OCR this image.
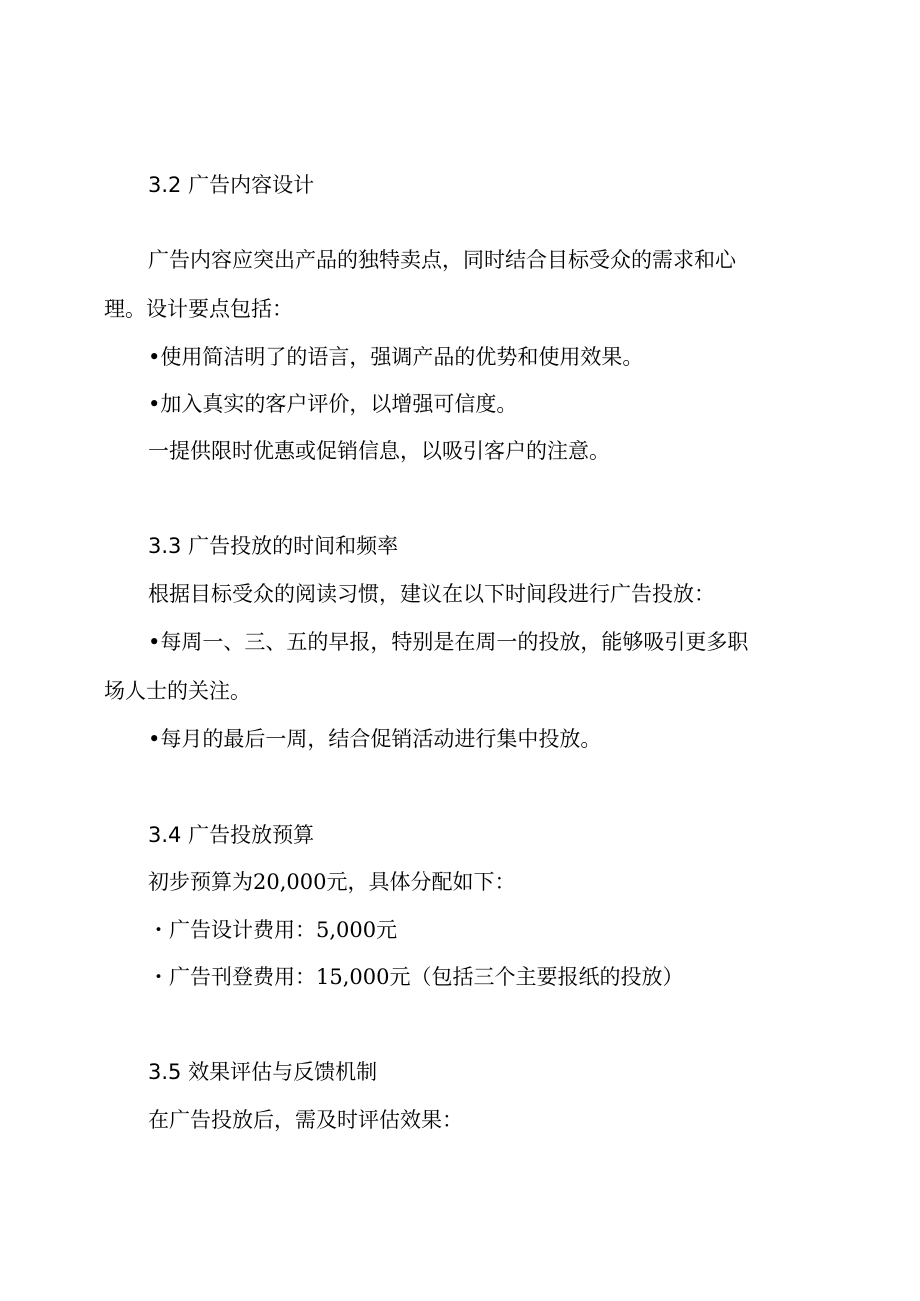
3.2 广告内容设计
广告内容应突出产品的独特卖点，同时结合目标受众的需求和心
理。设计要点包括：
•使用简洁明了的语言，强调产品的优势和使用效果。
•加入真实的客户评价，以增强可信度。
一提供限时优惠或促销信息，以吸引客户的注意。
3.3 广告投放的时间和频率
根据目标受众的阅读习惯，建议在以下时间段进行广告投放：
•每周一、三、五的早报，特别是在周一的投放，能够吸引更多职
场人士的关注。
•每月的最后一周，结合促销活动进行集中投放。
3.4 广告投放预算
初步预算为20,000元，具体分配如下：
・广告设计费用：5,000元
・广告刊登费用：15,000元（包括三个主要报纸的投放）
3.5 效果评估与反馈机制
在广告投放后，需及时评估效果：
